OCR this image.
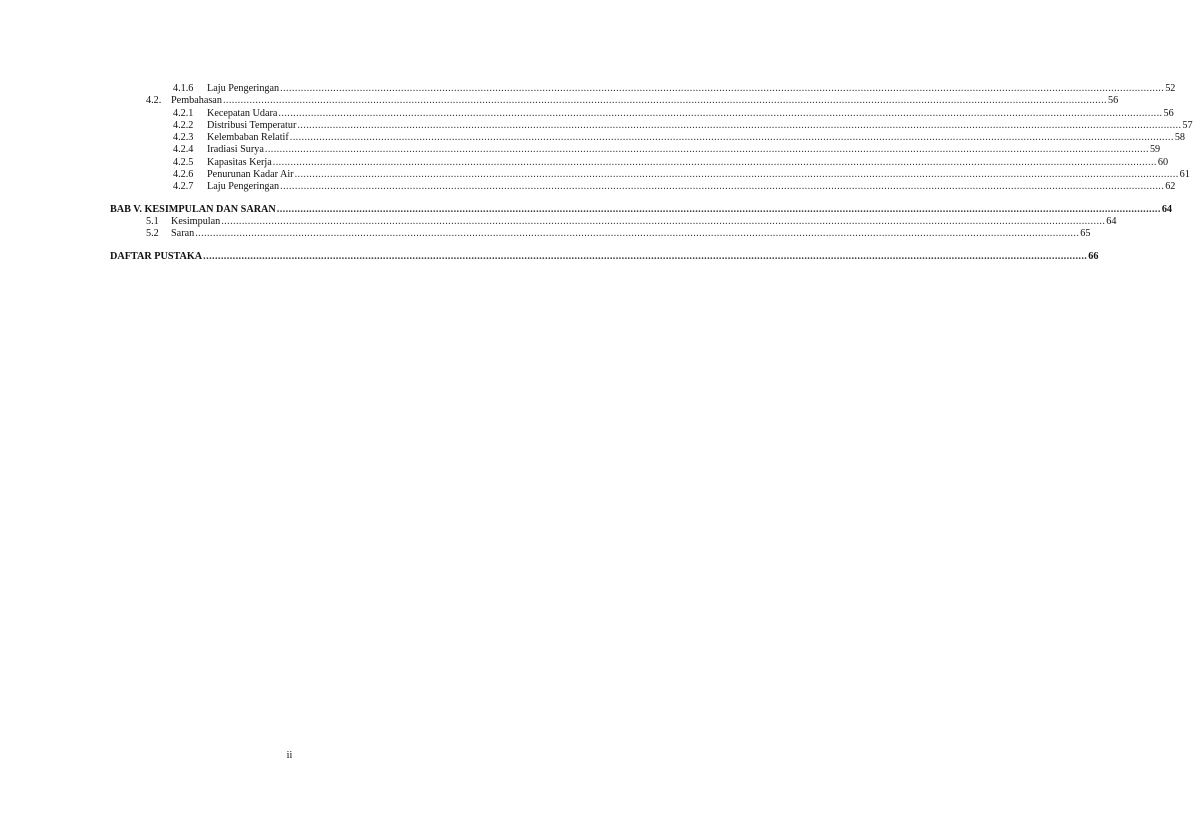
4.1.6	Laju Pengeringan ............................................................................................................................................................................................................................................................................................................ 52
4.2. Pembahasan ............................................................................................................................................................................................................................................................................................................ 56
4.2.1	Kecepatan Udara ............................................................................................................................................................................................................................................................................................................ 56
4.2.2	Distribusi Temperatur ............................................................................................................................................................................................................................................................................................................ 57
4.2.3	Kelembaban Relatif ............................................................................................................................................................................................................................................................................................................ 58
4.2.4	Iradiasi Surya ............................................................................................................................................................................................................................................................................................................ 59
4.2.5	Kapasitas Kerja ............................................................................................................................................................................................................................................................................................................ 60
4.2.6	Penurunan Kadar Air ............................................................................................................................................................................................................................................................................................................ 61
4.2.7	Laju Pengeringan ............................................................................................................................................................................................................................................................................................................ 62
BAB V. KESIMPULAN DAN SARAN ............................................................................................................................................................................................................................................................................................................ 64
5.1	Kesimpulan ............................................................................................................................................................................................................................................................................................................ 64
5.2	Saran ............................................................................................................................................................................................................................................................................................................ 65
DAFTAR PUSTAKA ............................................................................................................................................................................................................................................................................................................ 66
ii
